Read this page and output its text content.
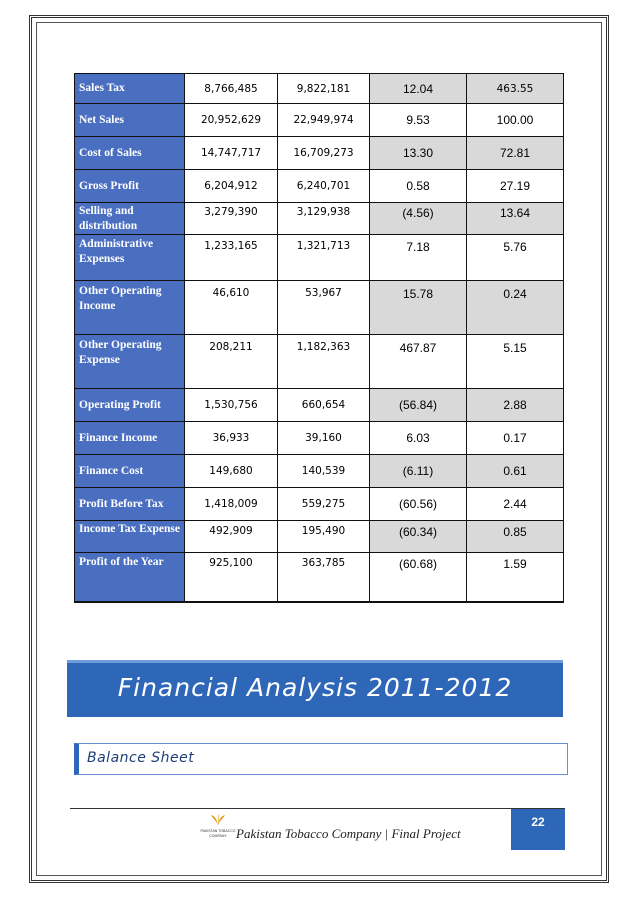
Sales Tax	8,766,485	9,822,181	12.04	463.55
Net Sales	20,952,629	22,949,974	9.53	100.00
Cost of Sales	14,747,717	16,709,273	13.30	72.81
Gross Profit	6,204,912	6,240,701	0.58	27.19
Selling and distribution	3,279,390	3,129,938	(4.56)	13.64
Administrative Expenses	1,233,165	1,321,713	7.18	5.76
Other Operating Income	46,610	53,967	15.78	0.24
Other Operating Expense	208,211	1,182,363	467.87	5.15
Operating Profit	1,530,756	660,654	(56.84)	2.88
Finance Income	36,933	39,160	6.03	0.17
Finance Cost	149,680	140,539	(6.11)	0.61
Profit Before Tax	1,418,009	559,275	(60.56)	2.44
Income Tax Expense	492,909	195,490	(60.34)	0.85
Profit of the Year	925,100	363,785	(60.68)	1.59
Financial Analysis 2011-2012
Balance Sheet
22
PAKISTAN TOBACCO COMPANY Pakistan Tobacco Company | Final Project
